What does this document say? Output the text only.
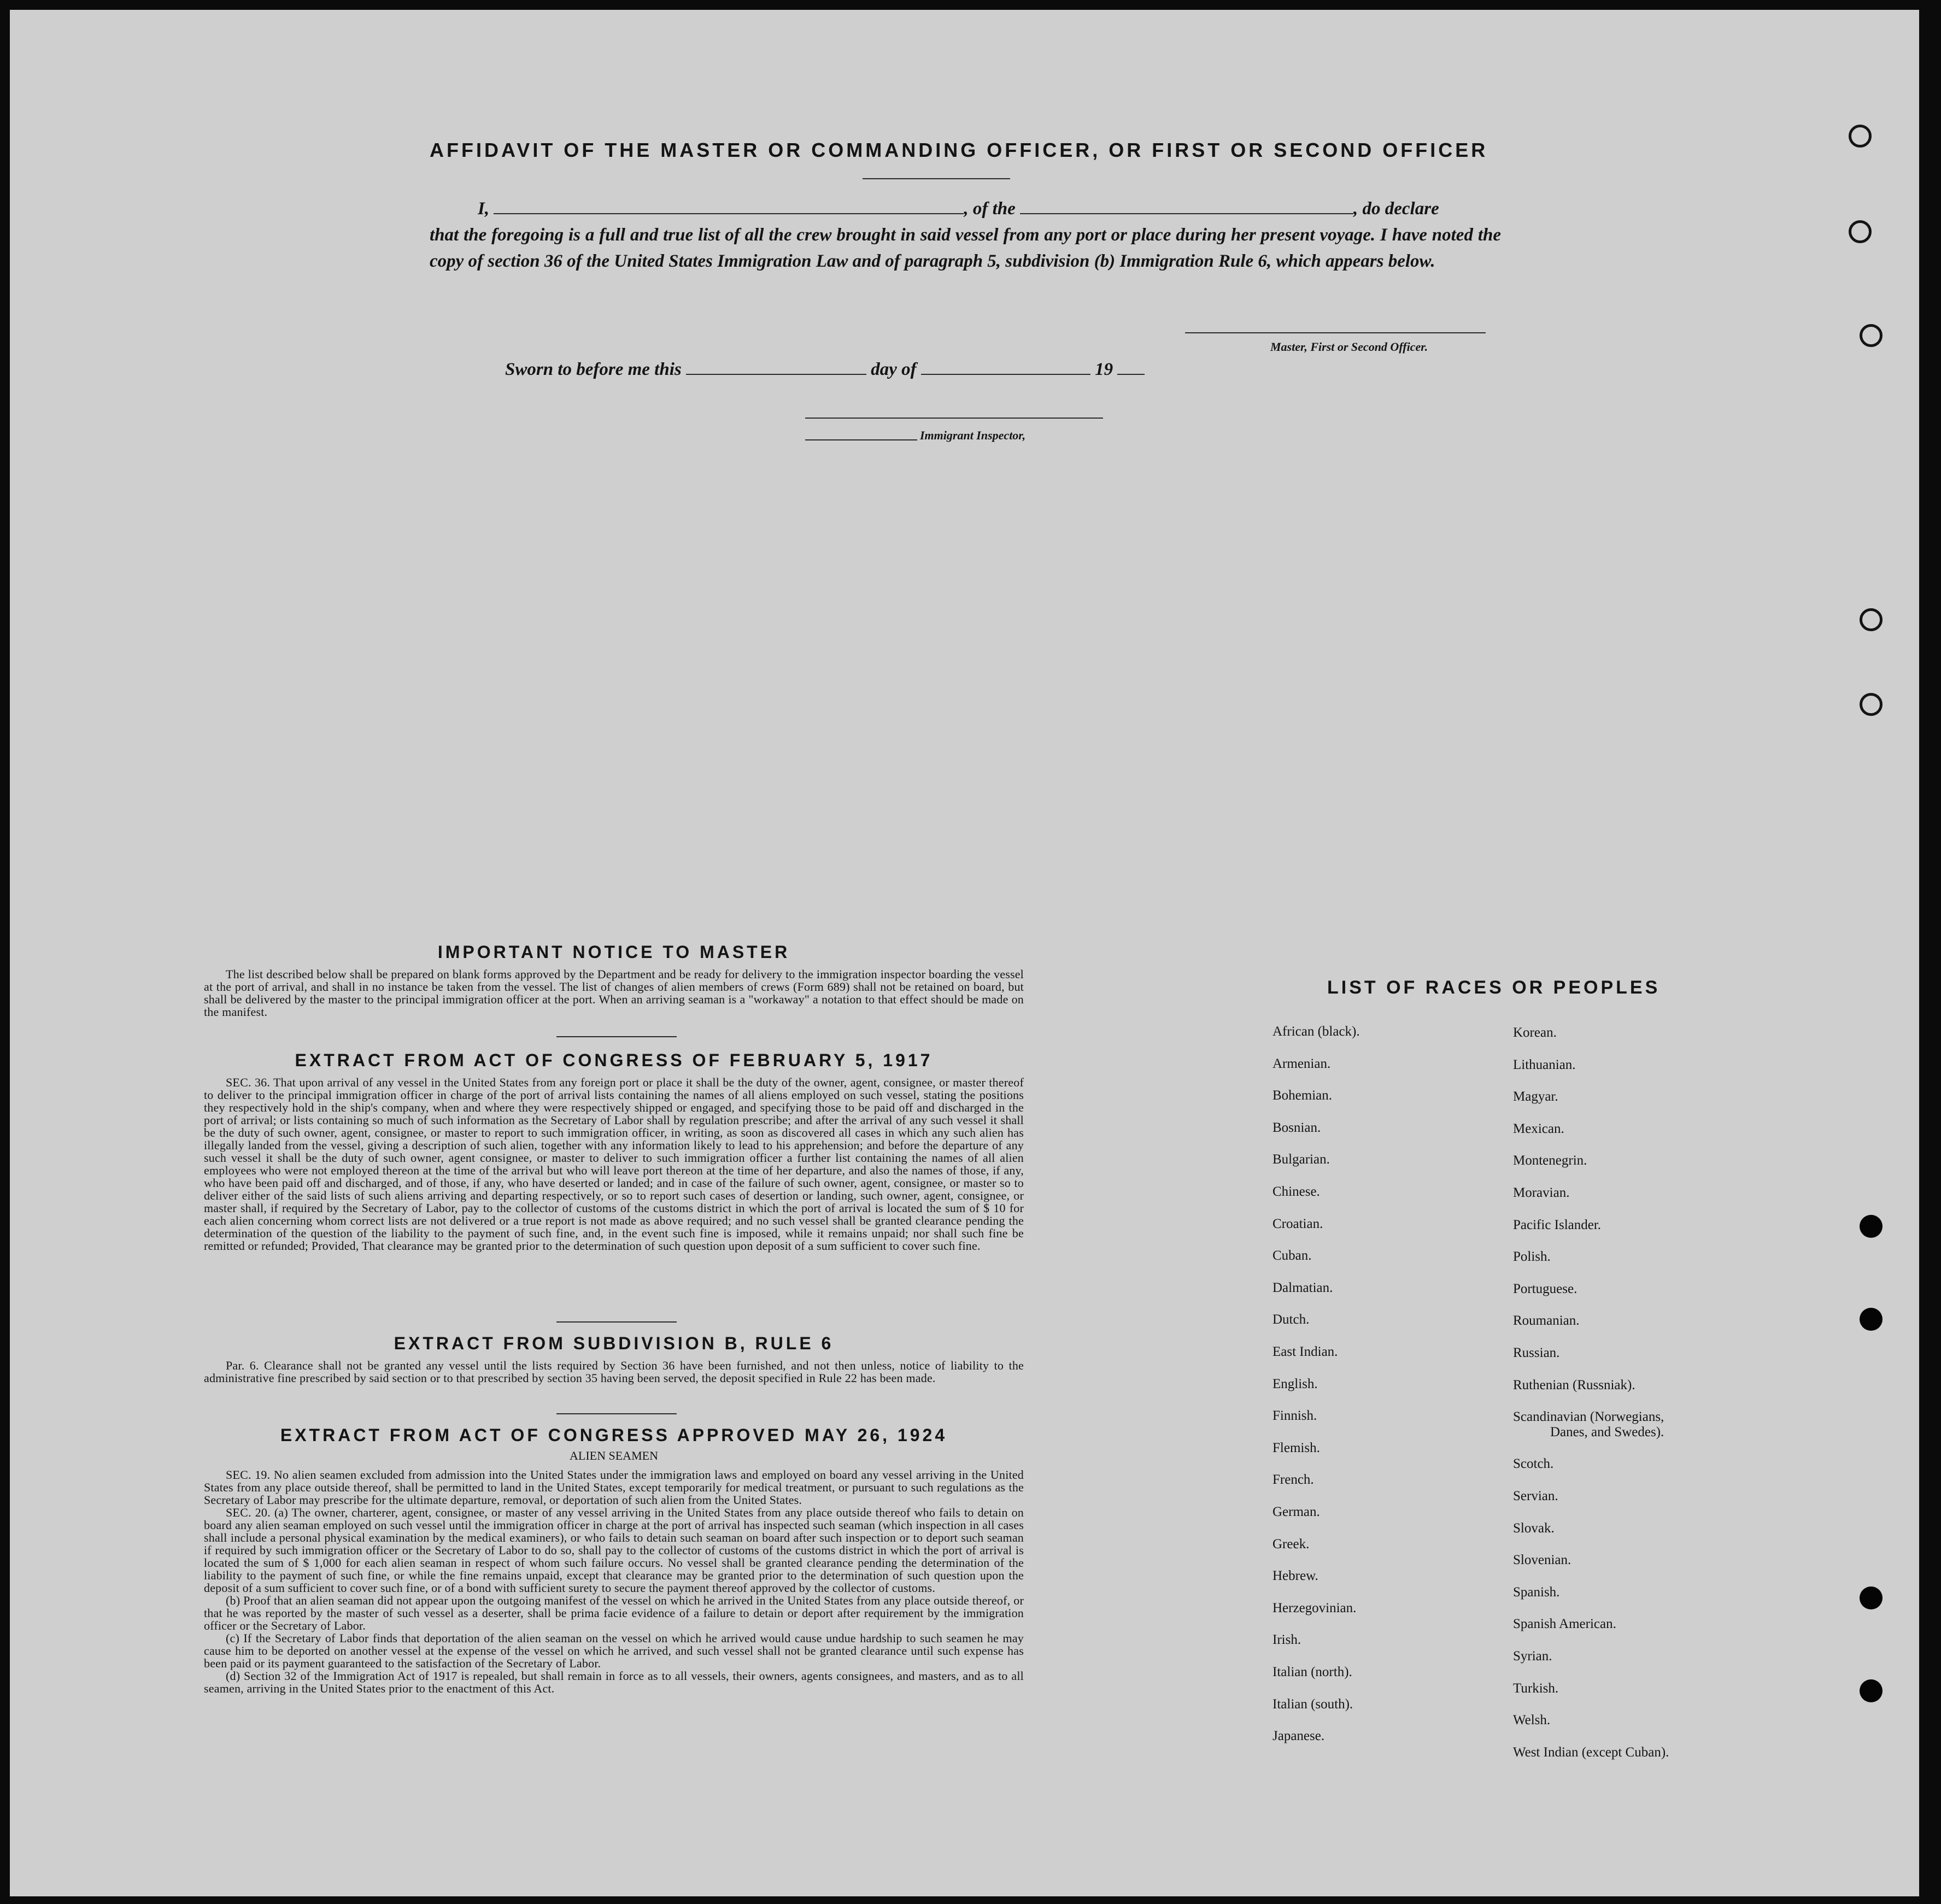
AFFIDAVIT OF THE MASTER OR COMMANDING OFFICER, OR FIRST OR SECOND OFFICER

I,	, of the	, do declare

that the foregoing is a full and true list of all the crew brought in said vessel from any port or place during her present voyage. I have noted the copy of section 36 of the United States Immigration Law and of paragraph 5, subdivision (b) Immigration Rule 6, which appears below.

Master, First or Second Officer.
Sworn to before me this	day of	19
Immigrant Inspector,
IMPORTANT NOTICE TO MASTER

The list described below shall be prepared on blank forms approved by the Department and be ready for delivery to the immigration inspector boarding the vessel at the port of arrival, and shall in no instance be taken from the vessel. The list of changes of alien members of crews (Form 689) shall not be retained on board, but shall be delivered by the master to the principal immigration officer at the port. When an arriving seaman is a "workaway" a notation to that effect should be made on the manifest.

EXTRACT FROM ACT OF CONGRESS OF FEBRUARY 5, 1917

SEC. 36. That upon arrival of any vessel in the United States from any foreign port or place it shall be the duty of the owner, agent, consignee, or master thereof to deliver to the principal immigration officer in charge of the port of arrival lists containing the names of all aliens employed on such vessel, stating the positions they respectively hold in the ship's company, when and where they were respectively shipped or engaged, and specifying those to be paid off and discharged in the port of arrival; or lists containing so much of such information as the Secretary of Labor shall by regulation prescribe; and after the arrival of any such vessel it shall be the duty of such owner, agent, consignee, or master to report to such immigration officer, in writing, as soon as discovered all cases in which any such alien has illegally landed from the vessel, giving a description of such alien, together with any information likely to lead to his apprehension; and before the departure of any such vessel it shall be the duty of such owner, agent consignee, or master to deliver to such immigration officer a further list containing the names of all alien employees who were not employed thereon at the time of the arrival but who will leave port thereon at the time of her departure, and also the names of those, if any, who have been paid off and discharged, and of those, if any, who have deserted or landed; and in case of the failure of such owner, agent, consignee, or master so to deliver either of the said lists of such aliens arriving and departing respectively, or so to report such cases of desertion or landing, such owner, agent, consignee, or master shall, if required by the Secretary of Labor, pay to the collector of customs of the customs district in which the port of arrival is located the sum of $ 10 for each alien concerning whom correct lists are not delivered or a true report is not made as above required; and no such vessel shall be granted clearance pending the determination of the question of the liability to the payment of such fine, and, in the event such fine is imposed, while it remains unpaid; nor shall such fine be remitted or refunded; Provided, That clearance may be granted prior to the determination of such question upon deposit of a sum sufficient to cover such fine.

EXTRACT FROM SUBDIVISION B, RULE 6

Par. 6. Clearance shall not be granted any vessel until the lists required by Section 36 have been furnished, and not then unless, notice of liability to the administrative fine prescribed by said section or to that prescribed by section 35 having been served, the deposit specified in Rule 22 has been made.

EXTRACT FROM ACT OF CONGRESS APPROVED MAY 26, 1924
ALIEN SEAMEN

SEC. 19. No alien seamen excluded from admission into the United States under the immigration laws and employed on board any vessel arriving in the United States from any place outside thereof, shall be permitted to land in the United States, except temporarily for medical treatment, or pursuant to such regulations as the Secretary of Labor may prescribe for the ultimate departure, removal, or deportation of such alien from the United States.

SEC. 20. (a) The owner, charterer, agent, consignee, or master of any vessel arriving in the United States from any place outside thereof who fails to detain on board any alien seaman employed on such vessel until the immigration officer in charge at the port of arrival has inspected such seaman (which inspection in all cases shall include a personal physical examination by the medical examiners), or who fails to detain such seaman on board after such inspection or to deport such seaman if required by such immigration officer or the Secretary of Labor to do so, shall pay to the collector of customs of the customs district in which the port of arrival is located the sum of $ 1,000 for each alien seaman in respect of whom such failure occurs. No vessel shall be granted clearance pending the determination of the liability to the payment of such fine, or while the fine remains unpaid, except that clearance may be granted prior to the determination of such question upon the deposit of a sum sufficient to cover such fine, or of a bond with sufficient surety to secure the payment thereof approved by the collector of customs.

(b) Proof that an alien seaman did not appear upon the outgoing manifest of the vessel on which he arrived in the United States from any place outside thereof, or that he was reported by the master of such vessel as a deserter, shall be prima facie evidence of a failure to detain or deport after requirement by the immigration officer or the Secretary of Labor.

(c) If the Secretary of Labor finds that deportation of the alien seaman on the vessel on which he arrived would cause undue hardship to such seamen he may cause him to be deported on another vessel at the expense of the vessel on which he arrived, and such vessel shall not be granted clearance until such expense has been paid or its payment guaranteed to the satisfaction of the Secretary of Labor.

(d) Section 32 of the Immigration Act of 1917 is repealed, but shall remain in force as to all vessels, their owners, agents consignees, and masters, and as to all seamen, arriving in the United States prior to the enactment of this Act.

LIST OF RACES OR PEOPLES
African (black).
Armenian.
Bohemian.
Bosnian.
Bulgarian.
Chinese.
Croatian.
Cuban.
Dalmatian.
Dutch.
East Indian.
English.
Finnish.
Flemish.
French.
German.
Greek.
Hebrew.
Herzegovinian.
Irish.
Italian (north).
Italian (south).
Japanese.
Korean.
Lithuanian.
Magyar.
Mexican.
Montenegrin.
Moravian.
Pacific Islander.
Polish.
Portuguese.
Roumanian.
Russian.
Ruthenian (Russniak).
Scandinavian (Norwegians,
Danes, and Swedes).
Scotch.
Servian.
Slovak.
Slovenian.
Spanish.
Spanish American.
Syrian.
Turkish.
Welsh.
West Indian (except Cuban).
